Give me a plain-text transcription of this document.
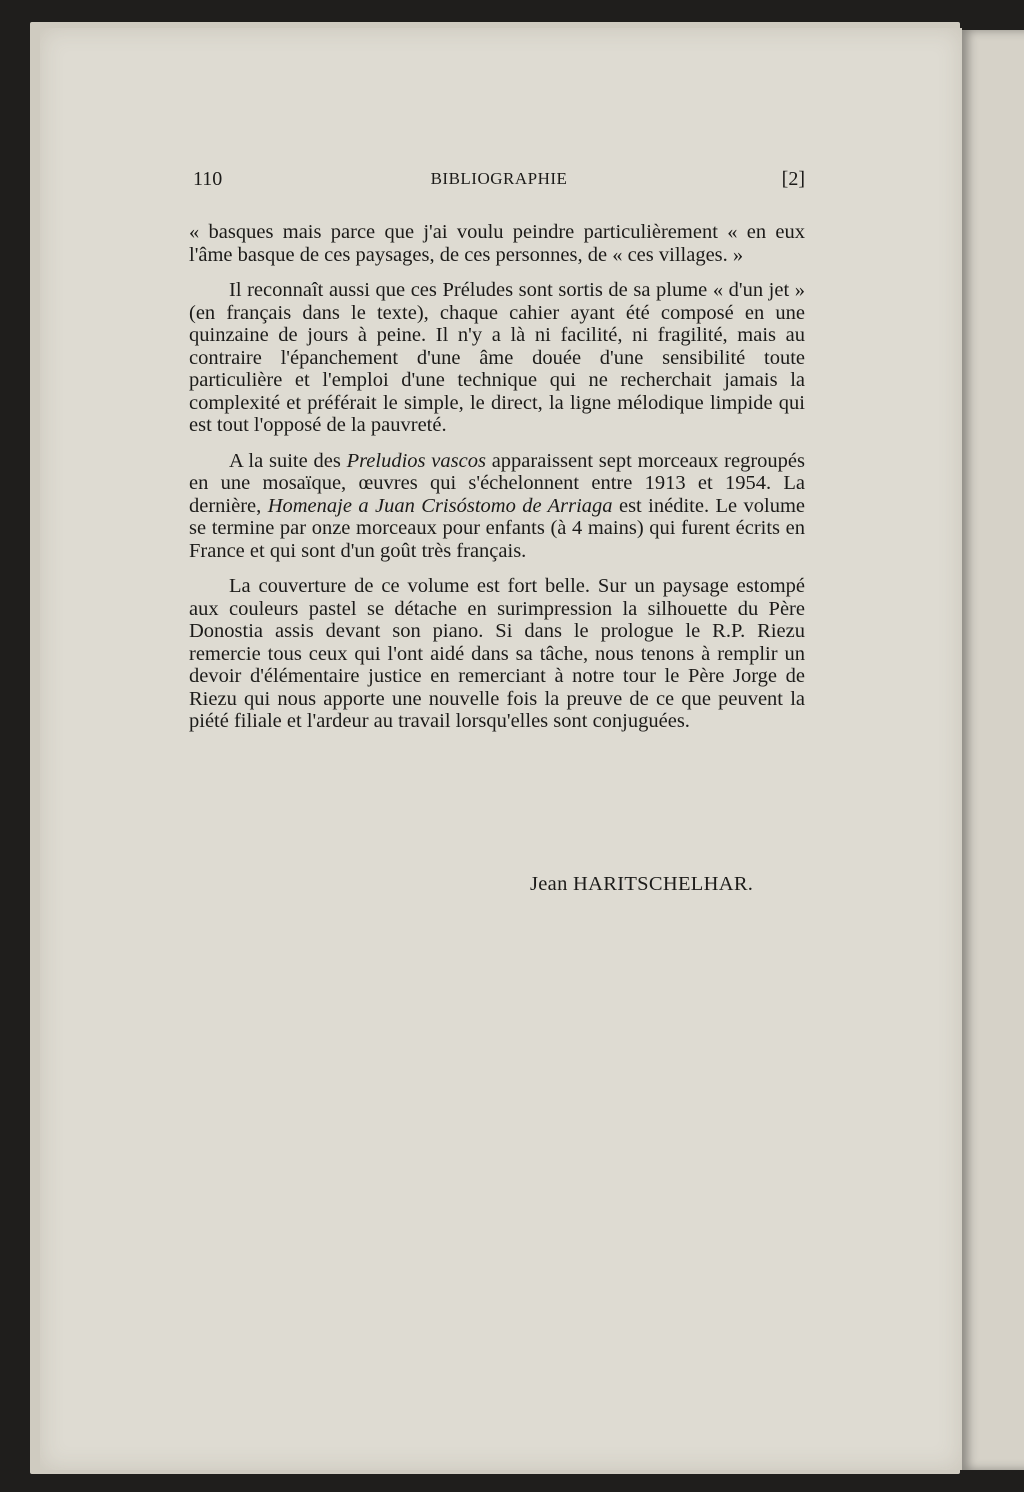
110	BIBLIOGRAPHIE	[2]

« basques mais parce que j'ai voulu peindre particulièrement « en eux l'âme basque de ces paysages, de ces personnes, de « ces villages. »

Il reconnaît aussi que ces Préludes sont sortis de sa plume « d'un jet » (en français dans le texte), chaque cahier ayant été composé en une quinzaine de jours à peine. Il n'y a là ni facilité, ni fragilité, mais au contraire l'épanchement d'une âme douée d'une sensibilité toute particulière et l'emploi d'une technique qui ne recherchait jamais la complexité et préférait le simple, le direct, la ligne mélodique limpide qui est tout l'opposé de la pauvreté.

A la suite des Preludios vascos apparaissent sept morceaux regroupés en une mosaïque, œuvres qui s'échelonnent entre 1913 et 1954. La dernière, Homenaje a Juan Crisóstomo de Arriaga est inédite. Le volume se termine par onze morceaux pour enfants (à 4 mains) qui furent écrits en France et qui sont d'un goût très français.

La couverture de ce volume est fort belle. Sur un paysage estompé aux couleurs pastel se détache en surimpression la silhouette du Père Donostia assis devant son piano. Si dans le prologue le R.P. Riezu remercie tous ceux qui l'ont aidé dans sa tâche, nous tenons à remplir un devoir d'élémentaire justice en remerciant à notre tour le Père Jorge de Riezu qui nous apporte une nouvelle fois la preuve de ce que peuvent la piété filiale et l'ardeur au travail lorsqu'elles sont conjuguées.

Jean HARITSCHELHAR.
